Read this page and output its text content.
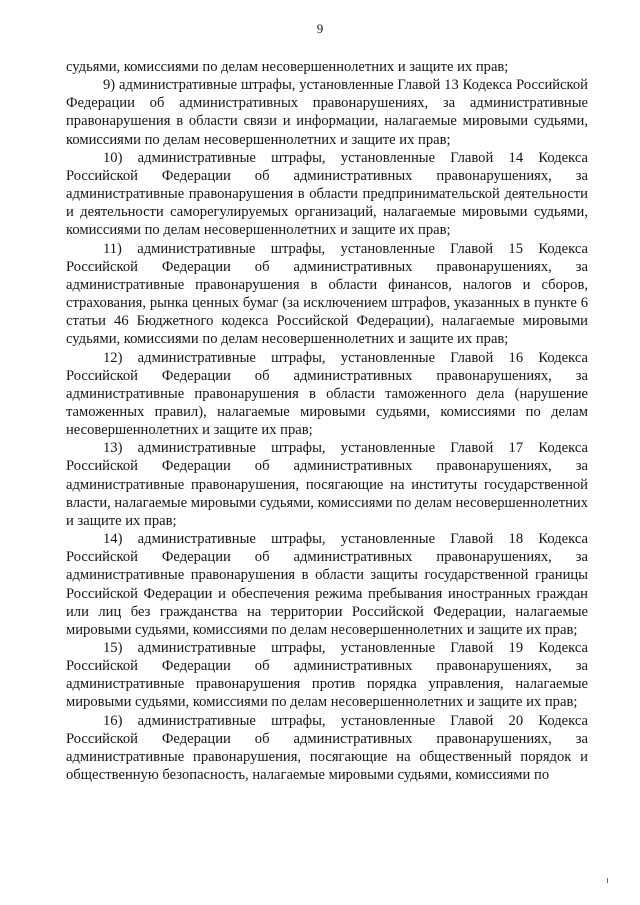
9

судьями, комиссиями по делам несовершеннолетних и защите их прав;

9) административные штрафы, установленные Главой 13 Кодекса Российской Федерации об административных правонарушениях, за административные правонарушения в области связи и информации, налагаемые мировыми судьями, комиссиями по делам несовершеннолетних и защите их прав;

10) административные штрафы, установленные Главой 14 Кодекса Российской Федерации об административных правонарушениях, за административные правонарушения в области предпринимательской деятельности и деятельности саморегулируемых организаций, налагаемые мировыми судьями, комиссиями по делам несовершеннолетних и защите их прав;

11) административные штрафы, установленные Главой 15 Кодекса Российской Федерации об административных правонарушениях, за административные правонарушения в области финансов, налогов и сборов, страхования, рынка ценных бумаг (за исключением штрафов, указанных в пункте 6 статьи 46 Бюджетного кодекса Российской Федерации), налагаемые мировыми судьями, комиссиями по делам несовершеннолетних и защите их прав;

12) административные штрафы, установленные Главой 16 Кодекса Российской Федерации об административных правонарушениях, за административные правонарушения в области таможенного дела (нарушение таможенных правил), налагаемые мировыми судьями, комиссиями по делам несовершеннолетних и защите их прав;

13) административные штрафы, установленные Главой 17 Кодекса Российской Федерации об административных правонарушениях, за административные правонарушения, посягающие на институты государственной власти, налагаемые мировыми судьями, комиссиями по делам несовершеннолетних и защите их прав;

14) административные штрафы, установленные Главой 18 Кодекса Российской Федерации об административных правонарушениях, за административные правонарушения в области защиты государственной границы Российской Федерации и обеспечения режима пребывания иностранных граждан или лиц без гражданства на территории Российской Федерации, налагаемые мировыми судьями, комиссиями по делам несовершеннолетних и защите их прав;

15) административные штрафы, установленные Главой 19 Кодекса Российской Федерации об административных правонарушениях, за административные правонарушения против порядка управления, налагаемые мировыми судьями, комиссиями по делам несовершеннолетних и защите их прав;

16) административные штрафы, установленные Главой 20 Кодекса Российской Федерации об административных правонарушениях, за административные правонарушения, посягающие на общественный порядок и общественную безопасность, налагаемые мировыми судьями, комиссиями по
